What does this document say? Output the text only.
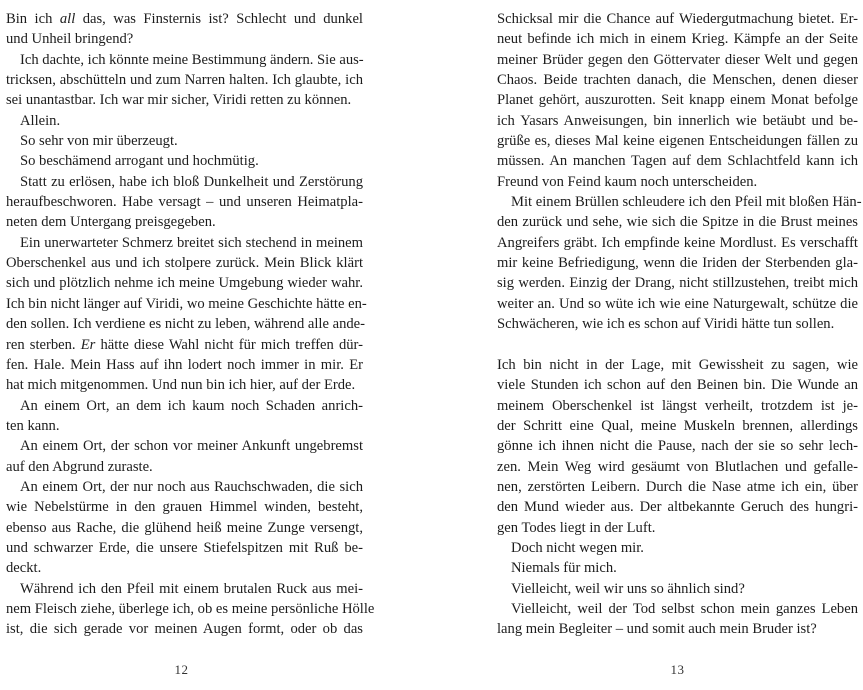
Bin ich all das, was Finsternis ist? Schlecht und dunkel
und Unheil bringend?
Ich dachte, ich könnte meine Bestimmung ändern. Sie aus-
tricksen, abschütteln und zum Narren halten. Ich glaubte, ich
sei unantastbar. Ich war mir sicher, Viridi retten zu können.
Allein.
So sehr von mir überzeugt.
So beschämend arrogant und hochmütig.
Statt zu erlösen, habe ich bloß Dunkelheit und Zerstörung
heraufbeschworen. Habe versagt – und unseren Heimatpla-
neten dem Untergang preisgegeben.
Ein unerwarteter Schmerz breitet sich stechend in meinem
Oberschenkel aus und ich stolpere zurück. Mein Blick klärt
sich und plötzlich nehme ich meine Umgebung wieder wahr.
Ich bin nicht länger auf Viridi, wo meine Geschichte hätte en-
den sollen. Ich verdiene es nicht zu leben, während alle ande-
ren sterben. Er hätte diese Wahl nicht für mich treffen dür-
fen. Hale. Mein Hass auf ihn lodert noch immer in mir. Er
hat mich mitgenommen. Und nun bin ich hier, auf der Erde.
An einem Ort, an dem ich kaum noch Schaden anrich-
ten kann.
An einem Ort, der schon vor meiner Ankunft ungebremst
auf den Abgrund zuraste.
An einem Ort, der nur noch aus Rauchschwaden, die sich
wie Nebelstürme in den grauen Himmel winden, besteht,
ebenso aus Rache, die glühend heiß meine Zunge versengt,
und schwarzer Erde, die unsere Stiefelspitzen mit Ruß be-
deckt.
Während ich den Pfeil mit einem brutalen Ruck aus mei-
nem Fleisch ziehe, überlege ich, ob es meine persönliche Hölle
ist, die sich gerade vor meinen Augen formt, oder ob das
12
Schicksal mir die Chance auf Wiedergutmachung bietet. Er-
neut befinde ich mich in einem Krieg. Kämpfe an der Seite
meiner Brüder gegen den Göttervater dieser Welt und gegen
Chaos. Beide trachten danach, die Menschen, denen dieser
Planet gehört, auszurotten. Seit knapp einem Monat befolge
ich Yasars Anweisungen, bin innerlich wie betäubt und be-
grüße es, dieses Mal keine eigenen Entscheidungen fällen zu
müssen. An manchen Tagen auf dem Schlachtfeld kann ich
Freund von Feind kaum noch unterscheiden.
Mit einem Brüllen schleudere ich den Pfeil mit bloßen Hän-
den zurück und sehe, wie sich die Spitze in die Brust meines
Angreifers gräbt. Ich empfinde keine Mordlust. Es verschafft
mir keine Befriedigung, wenn die Iriden der Sterbenden gla-
sig werden. Einzig der Drang, nicht stillzustehen, treibt mich
weiter an. Und so wüte ich wie eine Naturgewalt, schütze die
Schwächeren, wie ich es schon auf Viridi hätte tun sollen.
Ich bin nicht in der Lage, mit Gewissheit zu sagen, wie
viele Stunden ich schon auf den Beinen bin. Die Wunde an
meinem Oberschenkel ist längst verheilt, trotzdem ist je-
der Schritt eine Qual, meine Muskeln brennen, allerdings
gönne ich ihnen nicht die Pause, nach der sie so sehr lech-
zen. Mein Weg wird gesäumt von Blutlachen und gefalle-
nen, zerstörten Leibern. Durch die Nase atme ich ein, über
den Mund wieder aus. Der altbekannte Geruch des hungri-
gen Todes liegt in der Luft.
Doch nicht wegen mir.
Niemals für mich.
Vielleicht, weil wir uns so ähnlich sind?
Vielleicht, weil der Tod selbst schon mein ganzes Leben
lang mein Begleiter – und somit auch mein Bruder ist?
13
